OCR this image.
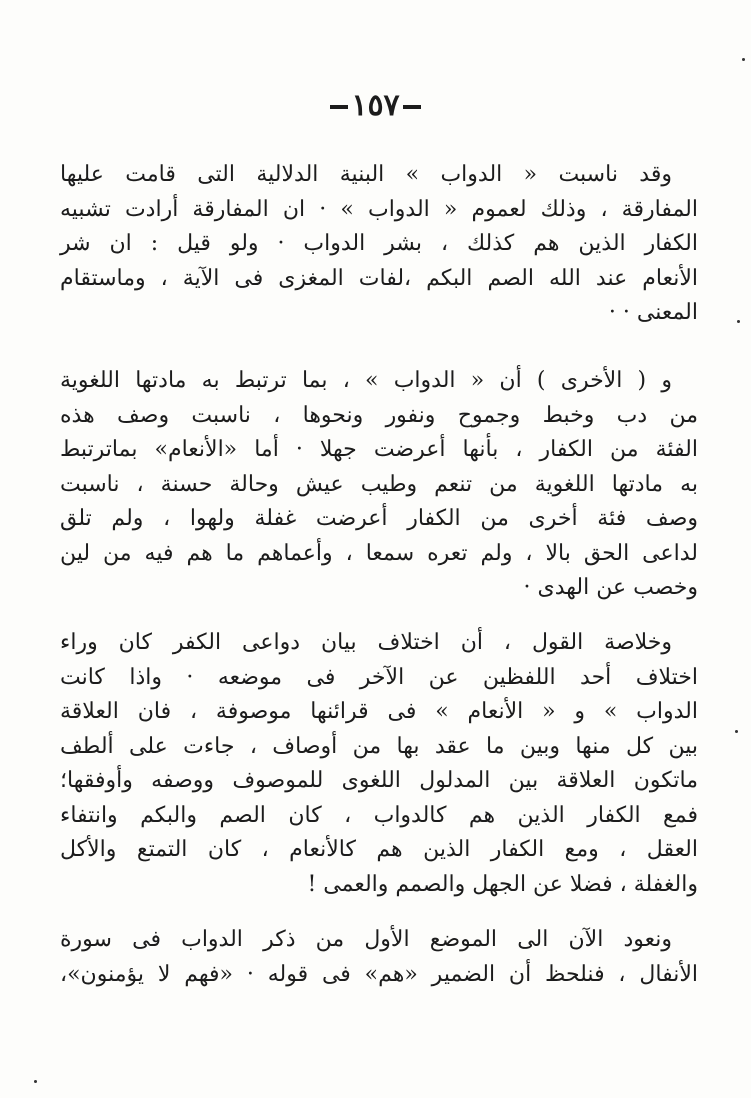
١٥٧
وقد ناسبت « الدواب » البنية الدلالية التى قامت عليها
المفارقة ، وذلك لعموم « الدواب » · ان المفارقة أرادت تشبيه
الكفار الذين هم كذلك ، بشر الدواب · ولو قيل : ان شر
الأنعام عند الله الصم البكم ،لفات المغزى فى الآية ، وماستقام
المعنى · ·
و ( الأخرى ) أن « الدواب » ، بما ترتبط به مادتها اللغوية
من دب وخبط وجموح ونفور ونحوها ، ناسبت وصف هذه
الفئة من الكفار ، بأنها أعرضت جهلا · أما «الأنعام» بماترتبط
به مادتها اللغوية من تنعم وطيب عيش وحالة حسنة ، ناسبت
وصف فئة أخرى من الكفار أعرضت غفلة ولهوا ، ولم تلق
لداعى الحق بالا ، ولم تعره سمعا ، وأعماهم ما هم فيه من لين
وخصب عن الهدى ·
وخلاصة القول ، أن اختلاف بيان دواعى الكفر كان وراء
اختلاف أحد اللفظين عن الآخر فى موضعه · واذا كانت
الدواب » و « الأنعام » فى قرائنها موصوفة ، فان العلاقة
بين كل منها وبين ما عقد بها من أوصاف ، جاءت على ألطف
ماتكون العلاقة بين المدلول اللغوى للموصوف ووصفه وأوفقها؛
فمع الكفار الذين هم كالدواب ، كان الصم والبكم وانتفاء
العقل ، ومع الكفار الذين هم كالأنعام ، كان التمتع والأكل
والغفلة ، فضلا عن الجهل والصمم والعمى !
ونعود الآن الى الموضع الأول من ذكر الدواب فى سورة
الأنفال ، فنلحظ أن الضمير «هم» فى قوله · «فهم لا يؤمنون»،
